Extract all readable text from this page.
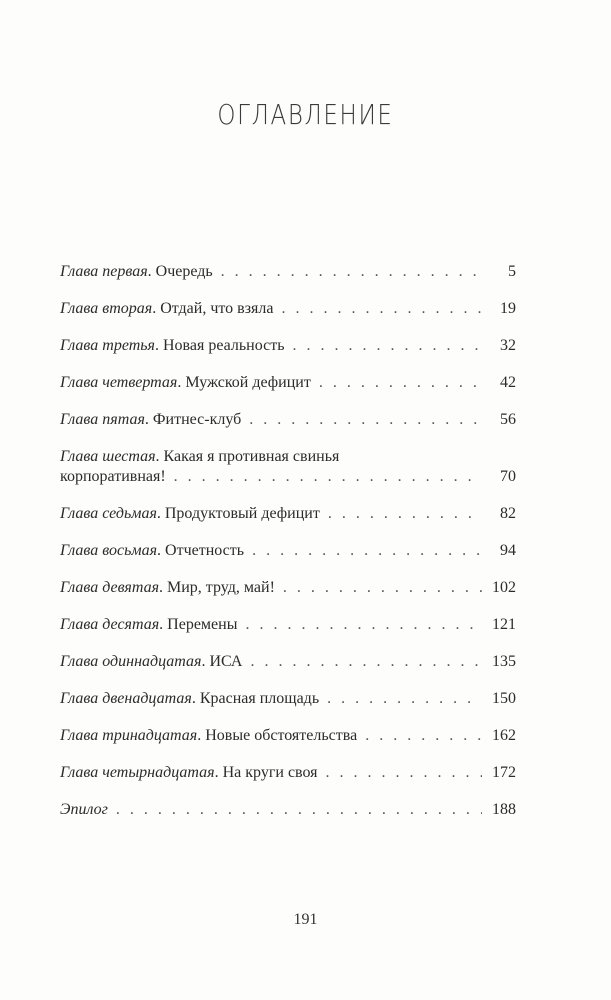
ОГЛАВЛЕНИЕ
Глава первая. Очередь . . .	5
Глава вторая. Отдай, что взяла . . .	19
Глава третья. Новая реальность . . .	32
Глава четвертая. Мужской дефицит . . .	42
Глава пятая. Фитнес-клуб . . .	56
Глава шестая. Какая я противная свинья
корпоративная! . . .	70
Глава седьмая. Продуктовый дефицит . . .	82
Глава восьмая. Отчетность . . .	94
Глава девятая. Мир, труд, май! . . .	102
Глава десятая. Перемены . . .	121
Глава одиннадцатая. ИСА . . .	135
Глава двенадцатая. Красная площадь . . .	150
Глава тринадцатая. Новые обстоятельства . . .	162
Глава четырнадцатая. На круги своя . . .	172
Эпилог . . .	188
191
